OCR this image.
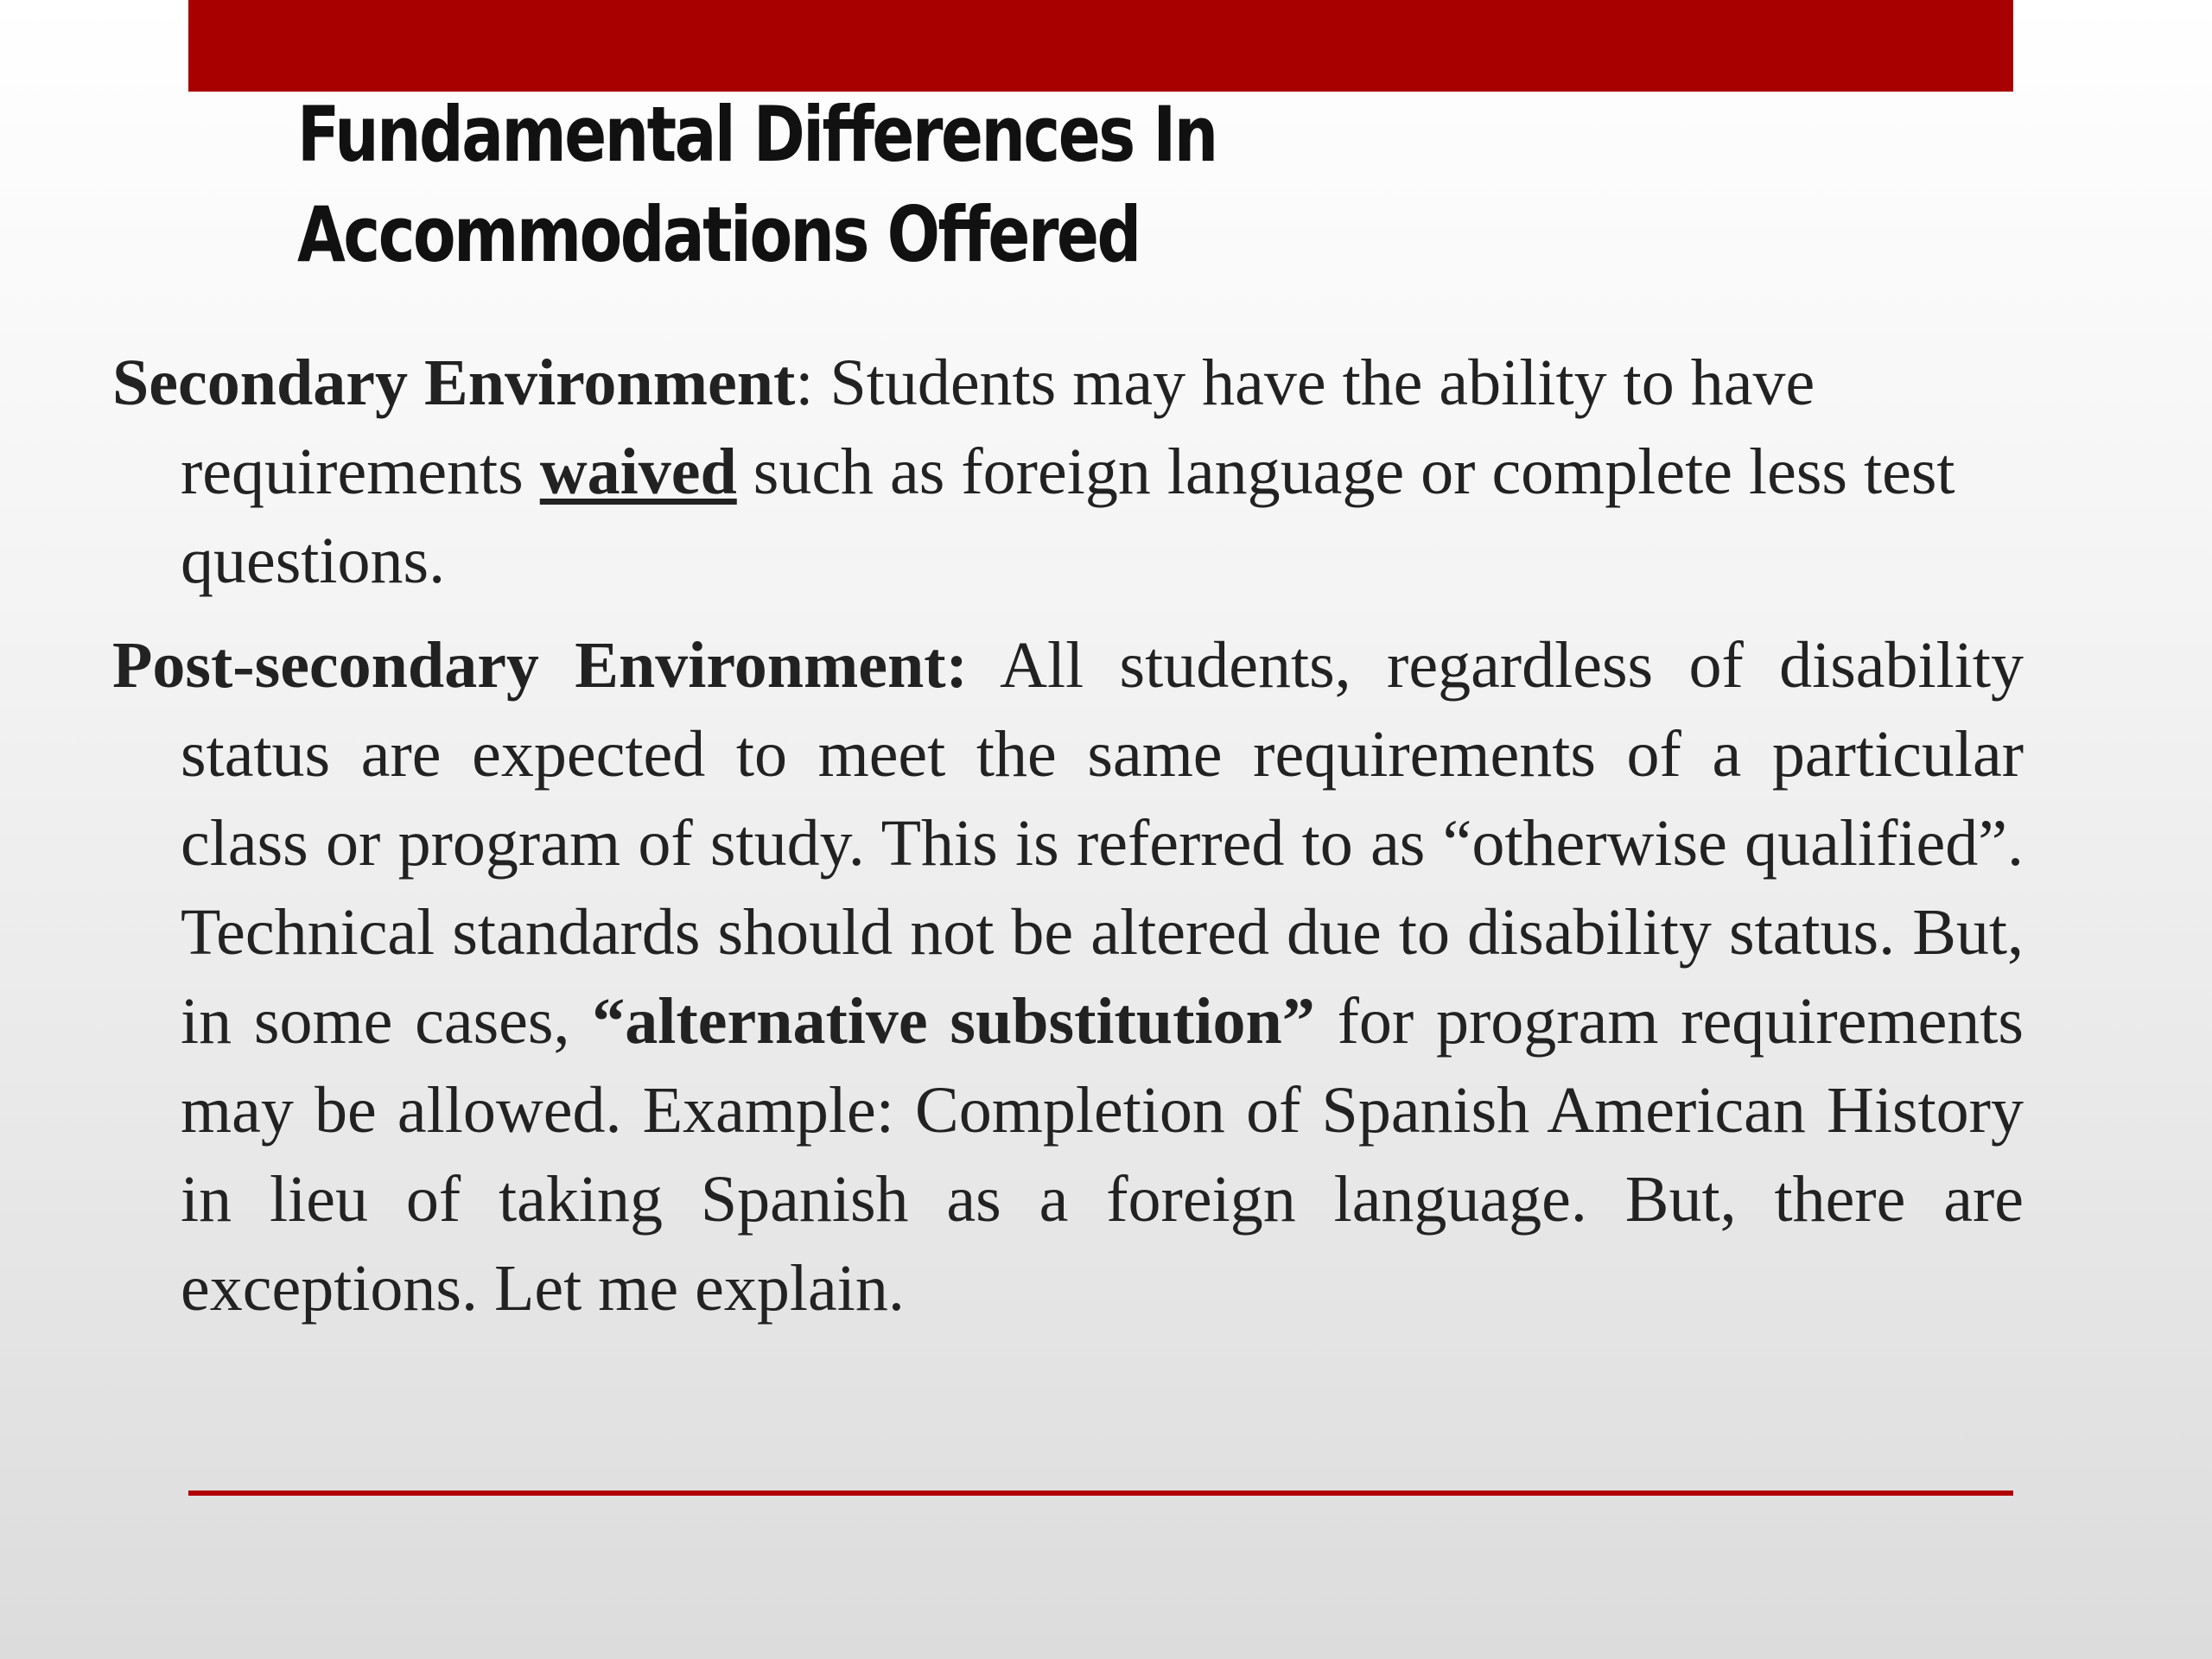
Fundamental Differences In
Accommodations Offered

Secondary Environment: Students may have the ability to have requirements waived such as foreign language or complete less test questions.

Post-secondary Environment: All students, regardless of disability status are expected to meet the same requirements of a particular class or program of study. This is referred to as “otherwise qualified”. Technical standards should not be altered due to disability status. But, in some cases, “alternative substitution” for program requirements may be allowed. Example: Completion of Spanish American History in lieu of taking Spanish as a foreign language. But, there are exceptions. Let me explain.
